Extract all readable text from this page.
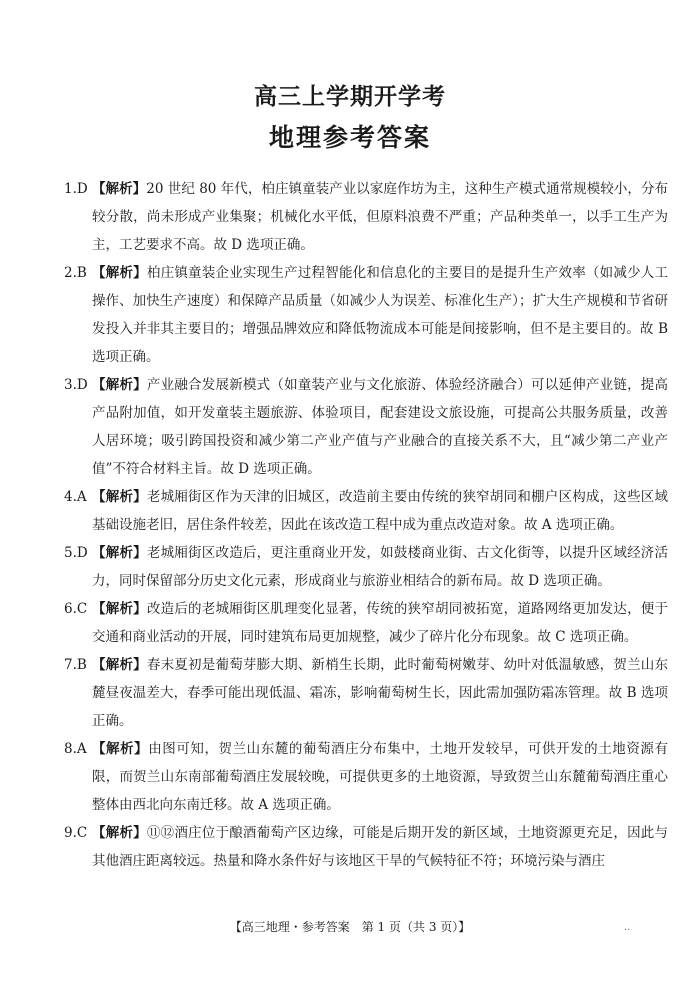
高三上学期开学考
地理参考答案

1.D 【解析】20 世纪 80 年代，柏庄镇童装产业以家庭作坊为主，这种生产模式通常规模较小，分布较分散，尚未形成产业集聚；机械化水平低，但原料浪费不严重；产品种类单一，以手工生产为主，工艺要求不高。故 D 选项正确。

2.B 【解析】柏庄镇童装企业实现生产过程智能化和信息化的主要目的是提升生产效率（如减少人工操作、加快生产速度）和保障产品质量（如减少人为误差、标准化生产）；扩大生产规模和节省研发投入并非其主要目的；增强品牌效应和降低物流成本可能是间接影响，但不是主要目的。故 B 选项正确。

3.D 【解析】产业融合发展新模式（如童装产业与文化旅游、体验经济融合）可以延伸产业链，提高产品附加值，如开发童装主题旅游、体验项目，配套建设文旅设施，可提高公共服务质量，改善人居环境；吸引跨国投资和减少第二产业产值与产业融合的直接关系不大，且“减少第二产业产值”不符合材料主旨。故 D 选项正确。

4.A 【解析】老城厢街区作为天津的旧城区，改造前主要由传统的狭窄胡同和棚户区构成，这些区域基础设施老旧，居住条件较差，因此在该改造工程中成为重点改造对象。故 A 选项正确。

5.D 【解析】老城厢街区改造后，更注重商业开发，如鼓楼商业街、古文化街等，以提升区域经济活力，同时保留部分历史文化元素，形成商业与旅游业相结合的新布局。故 D 选项正确。

6.C 【解析】改造后的老城厢街区肌理变化显著，传统的狭窄胡同被拓宽，道路网络更加发达，便于交通和商业活动的开展，同时建筑布局更加规整，减少了碎片化分布现象。故 C 选项正确。

7.B 【解析】春末夏初是葡萄芽膨大期、新梢生长期，此时葡萄树嫩芽、幼叶对低温敏感，贺兰山东麓昼夜温差大，春季可能出现低温、霜冻，影响葡萄树生长，因此需加强防霜冻管理。故 B 选项正确。

8.A 【解析】由图可知，贺兰山东麓的葡萄酒庄分布集中，土地开发较早，可供开发的土地资源有限，而贺兰山东南部葡萄酒庄发展较晚，可提供更多的土地资源，导致贺兰山东麓葡萄酒庄重心整体由西北向东南迁移。故 A 选项正确。

9.C 【解析】⑪⑫酒庄位于酿酒葡萄产区边缘，可能是后期开发的新区域，土地资源更充足，因此与其他酒庄距离较远。热量和降水条件好与该地区干旱的气候特征不符；环境污染与酒庄

【高三地理・参考答案　第 1 页（共 3 页）】	..
